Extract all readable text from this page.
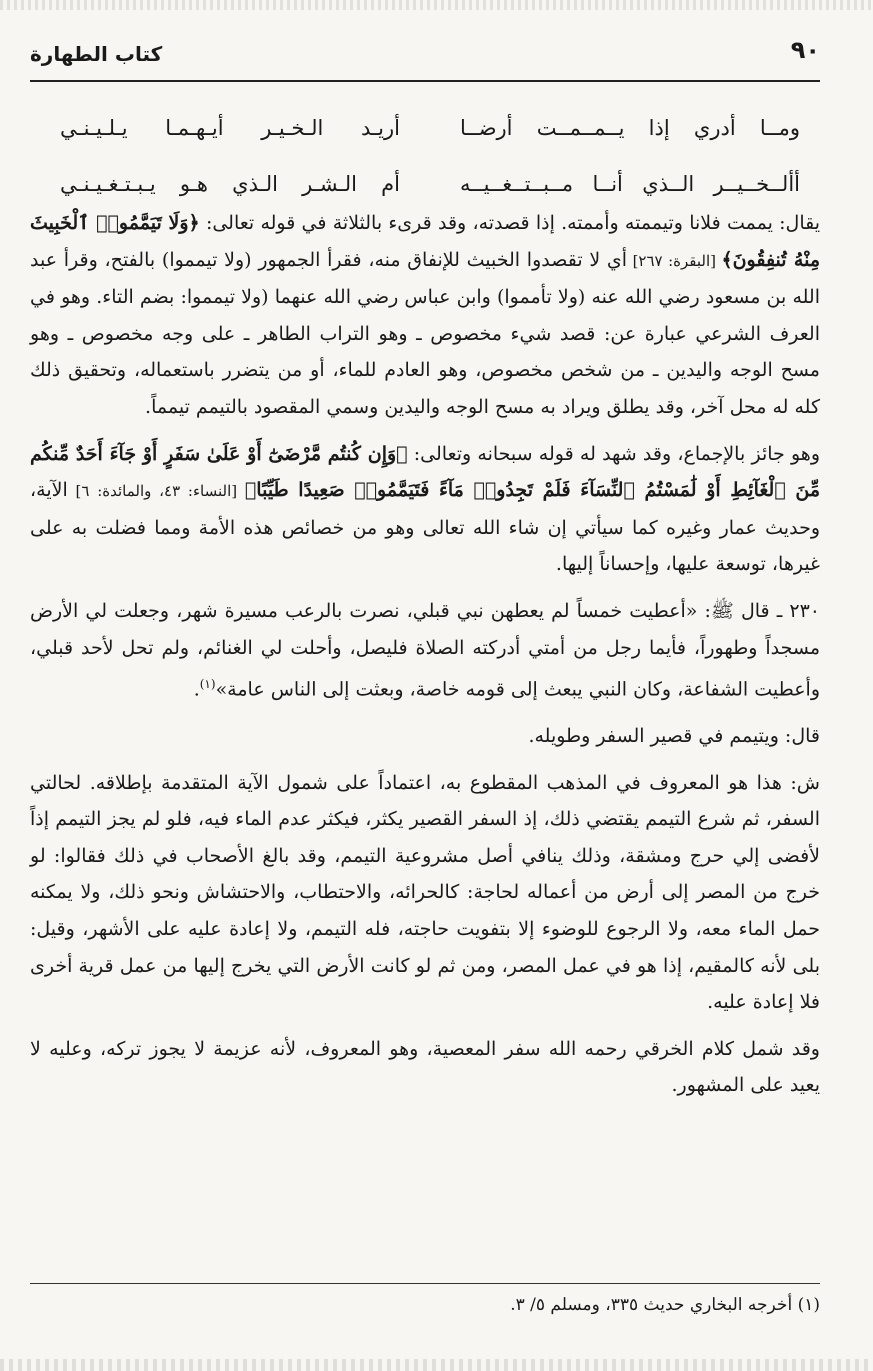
٩٠
كتاب الطهارة
ومــا أدري إذا يــمــمــت أرضــا
أريـد الـخـيـر أيـهـمـا يـلـيـنـي
أألــخــيــر الــذي أنــا مــبــتــغــيــه
أم الـشـر الـذي هـو يـبـتـغـيـنـي

يقال: يممت فلانا وتيممته وأممته. إذا قصدته، وقد قرىء بالثلاثة في قوله تعالى: ﴿وَلَا تَيَمَّمُوا۟ ٱلْخَبِيثَ مِنْهُ تُنفِقُونَ﴾ [البقرة: ٢٦٧] أي لا تقصدوا الخبيث للإنفاق منه، فقرأ الجمهور (ولا تيمموا) بالفتح، وقرأ عبد الله بن مسعود رضي الله عنه (ولا تأمموا) وابن عباس رضي الله عنهما (ولا تيمموا: بضم التاء. وهو في العرف الشرعي عبارة عن: قصد شيء مخصوص ـ وهو التراب الطاهر ـ على وجه مخصوص ـ وهو مسح الوجه واليدين ـ من شخص مخصوص، وهو العادم للماء، أو من يتضرر باستعماله، وتحقيق ذلك كله له محل آخر، وقد يطلق ويراد به مسح الوجه واليدين وسمي المقصود بالتيمم تيمماً.

وهو جائز بالإجماع، وقد شهد له قوله سبحانه وتعالى: ﴿وَإِن كُنتُم مَّرْضَىٰٓ أَوْ عَلَىٰ سَفَرٍ أَوْ جَآءَ أَحَدٌ مِّنكُم مِّنَ ٱلْغَآئِطِ أَوْ لَٰمَسْتُمُ ٱلنِّسَآءَ فَلَمْ تَجِدُوا۟ مَآءً فَتَيَمَّمُوا۟ صَعِيدًا طَيِّبًا﴾ [النساء: ٤٣، والمائدة: ٦] الآية، وحديث عمار وغيره كما سيأتي إن شاء الله تعالى وهو من خصائص هذه الأمة ومما فضلت به على غيرها، توسعة عليها، وإحساناً إليها.

٢٣٠ ـ قال ﷺ: «أعطيت خمساً لم يعطهن نبي قبلي، نصرت بالرعب مسيرة شهر، وجعلت لي الأرض مسجداً وطهوراً، فأيما رجل من أمتي أدركته الصلاة فليصل، وأحلت لي الغنائم، ولم تحل لأحد قبلي، وأعطيت الشفاعة، وكان النبي يبعث إلى قومه خاصة، وبعثت إلى الناس عامة»$^{(١)}$.

قال: ويتيمم في قصير السفر وطويله.

ش: هذا هو المعروف في المذهب المقطوع به، اعتماداً على شمول الآية المتقدمة بإطلاقه. لحالتي السفر، ثم شرع التيمم يقتضي ذلك، إذ السفر القصير يكثر، فيكثر عدم الماء فيه، فلو لم يجز التيمم إذاً لأفضى إلي حرج ومشقة، وذلك ينافي أصل مشروعية التيمم، وقد بالغ الأصحاب في ذلك فقالوا: لو خرج من المصر إلى أرض من أعماله لحاجة: كالحرائه، والاحتطاب، والاحتشاش ونحو ذلك، ولا يمكنه حمل الماء معه، ولا الرجوع للوضوء إلا بتفويت حاجته، فله التيمم، ولا إعادة عليه على الأشهر، وقيل: بلى لأنه كالمقيم، إذا هو في عمل المصر، ومن ثم لو كانت الأرض التي يخرج إليها من عمل قرية أخرى فلا إعادة عليه.

وقد شمل كلام الخرقي رحمه الله سفر المعصية، وهو المعروف، لأنه عزيمة لا يجوز تركه، وعليه لا يعيد على المشهور.

(١) أخرجه البخاري حديث ٣٣٥، ومسلم ٥/ ٣.
